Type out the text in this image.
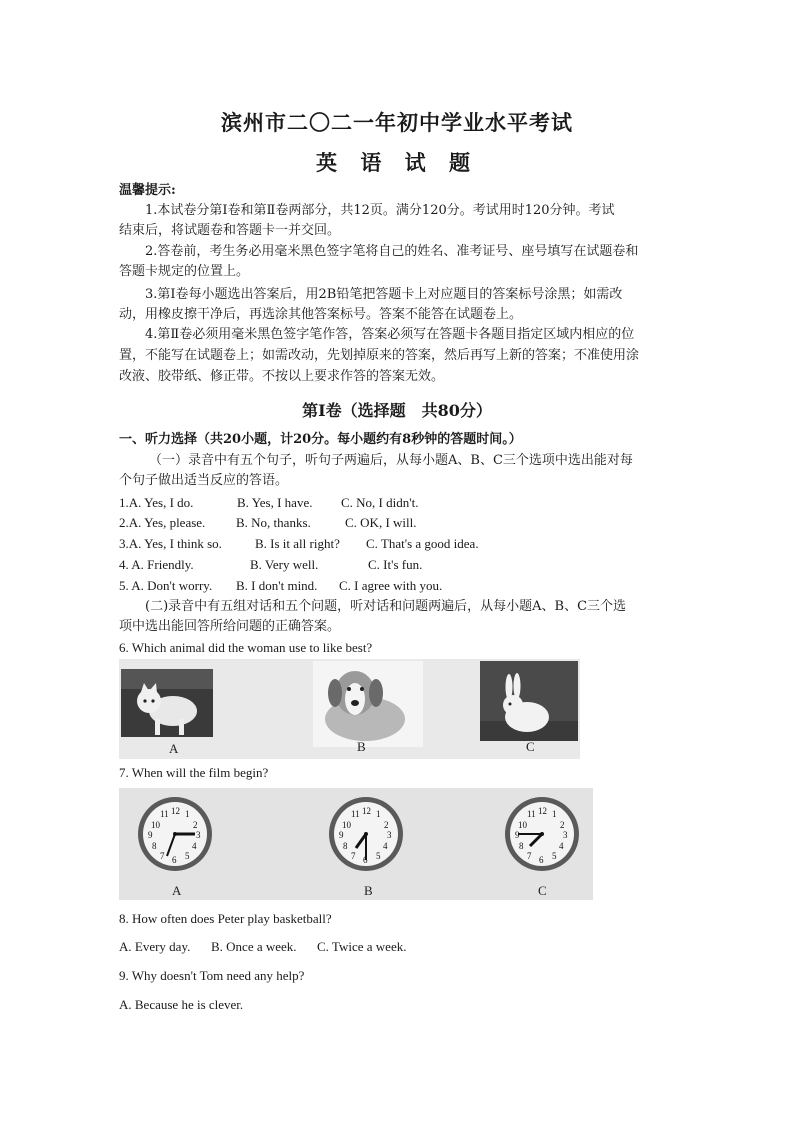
滨州市二〇二一年初中学业水平考试
英 语 试 题
温馨提示:
1.本试卷分第Ⅰ卷和第Ⅱ卷两部分，共12页。满分120分。考试用时120分钟。考试
结束后，将试题卷和答题卡一并交回。
2.答卷前，考生务必用毫米黑色签字笔将自己的姓名、准考证号、座号填写在试题卷和
答题卡规定的位置上。
3.第Ⅰ卷每小题选出答案后，用2B铅笔把答题卡上对应题目的答案标号涂黑；如需改
动，用橡皮擦干净后，再选涂其他答案标号。答案不能答在试题卷上。
4.第Ⅱ卷必须用毫米黑色签字笔作答，答案必须写在答题卡各题目指定区域内相应的位
置，不能写在试题卷上；如需改动，先划掉原来的答案，然后再写上新的答案；不准使用涂
改液、胶带纸、修正带。不按以上要求作答的答案无效。
第Ⅰ卷（选择题　共80分）
一、听力选择（共20小题，计20分。每小题约有8秒钟的答题时间。）
（一）录音中有五个句子，听句子两遍后，从每小题A、B、C三个选项中选出能对每
个句子做出适当反应的答语。
1.A. Yes, I do.	B. Yes, I have. C. No, I didn't.
2.A. Yes, please. B. No, thanks.	C. OK, I will.
3.A. Yes, I think so.	B. Is it all right? C. That's a good idea.
4. A. Friendly.	B. Very well.	C. It's fun.
5. A. Don't worry. B. I don't mind. C. I agree with you.
(二)录音中有五组对话和五个问题，听对话和问题两遍后，从每小题A、B、C三个选
项中选出能回答所给问题的正确答案。
6. Which animal did the woman use to like best?
A	B	C
7. When will the film begin?
A	B	C
8. How often does Peter play basketball?
A. Every day. B. Once a week. C. Twice a week.
9. Why doesn't Tom need any help?
A. Because he is clever.
